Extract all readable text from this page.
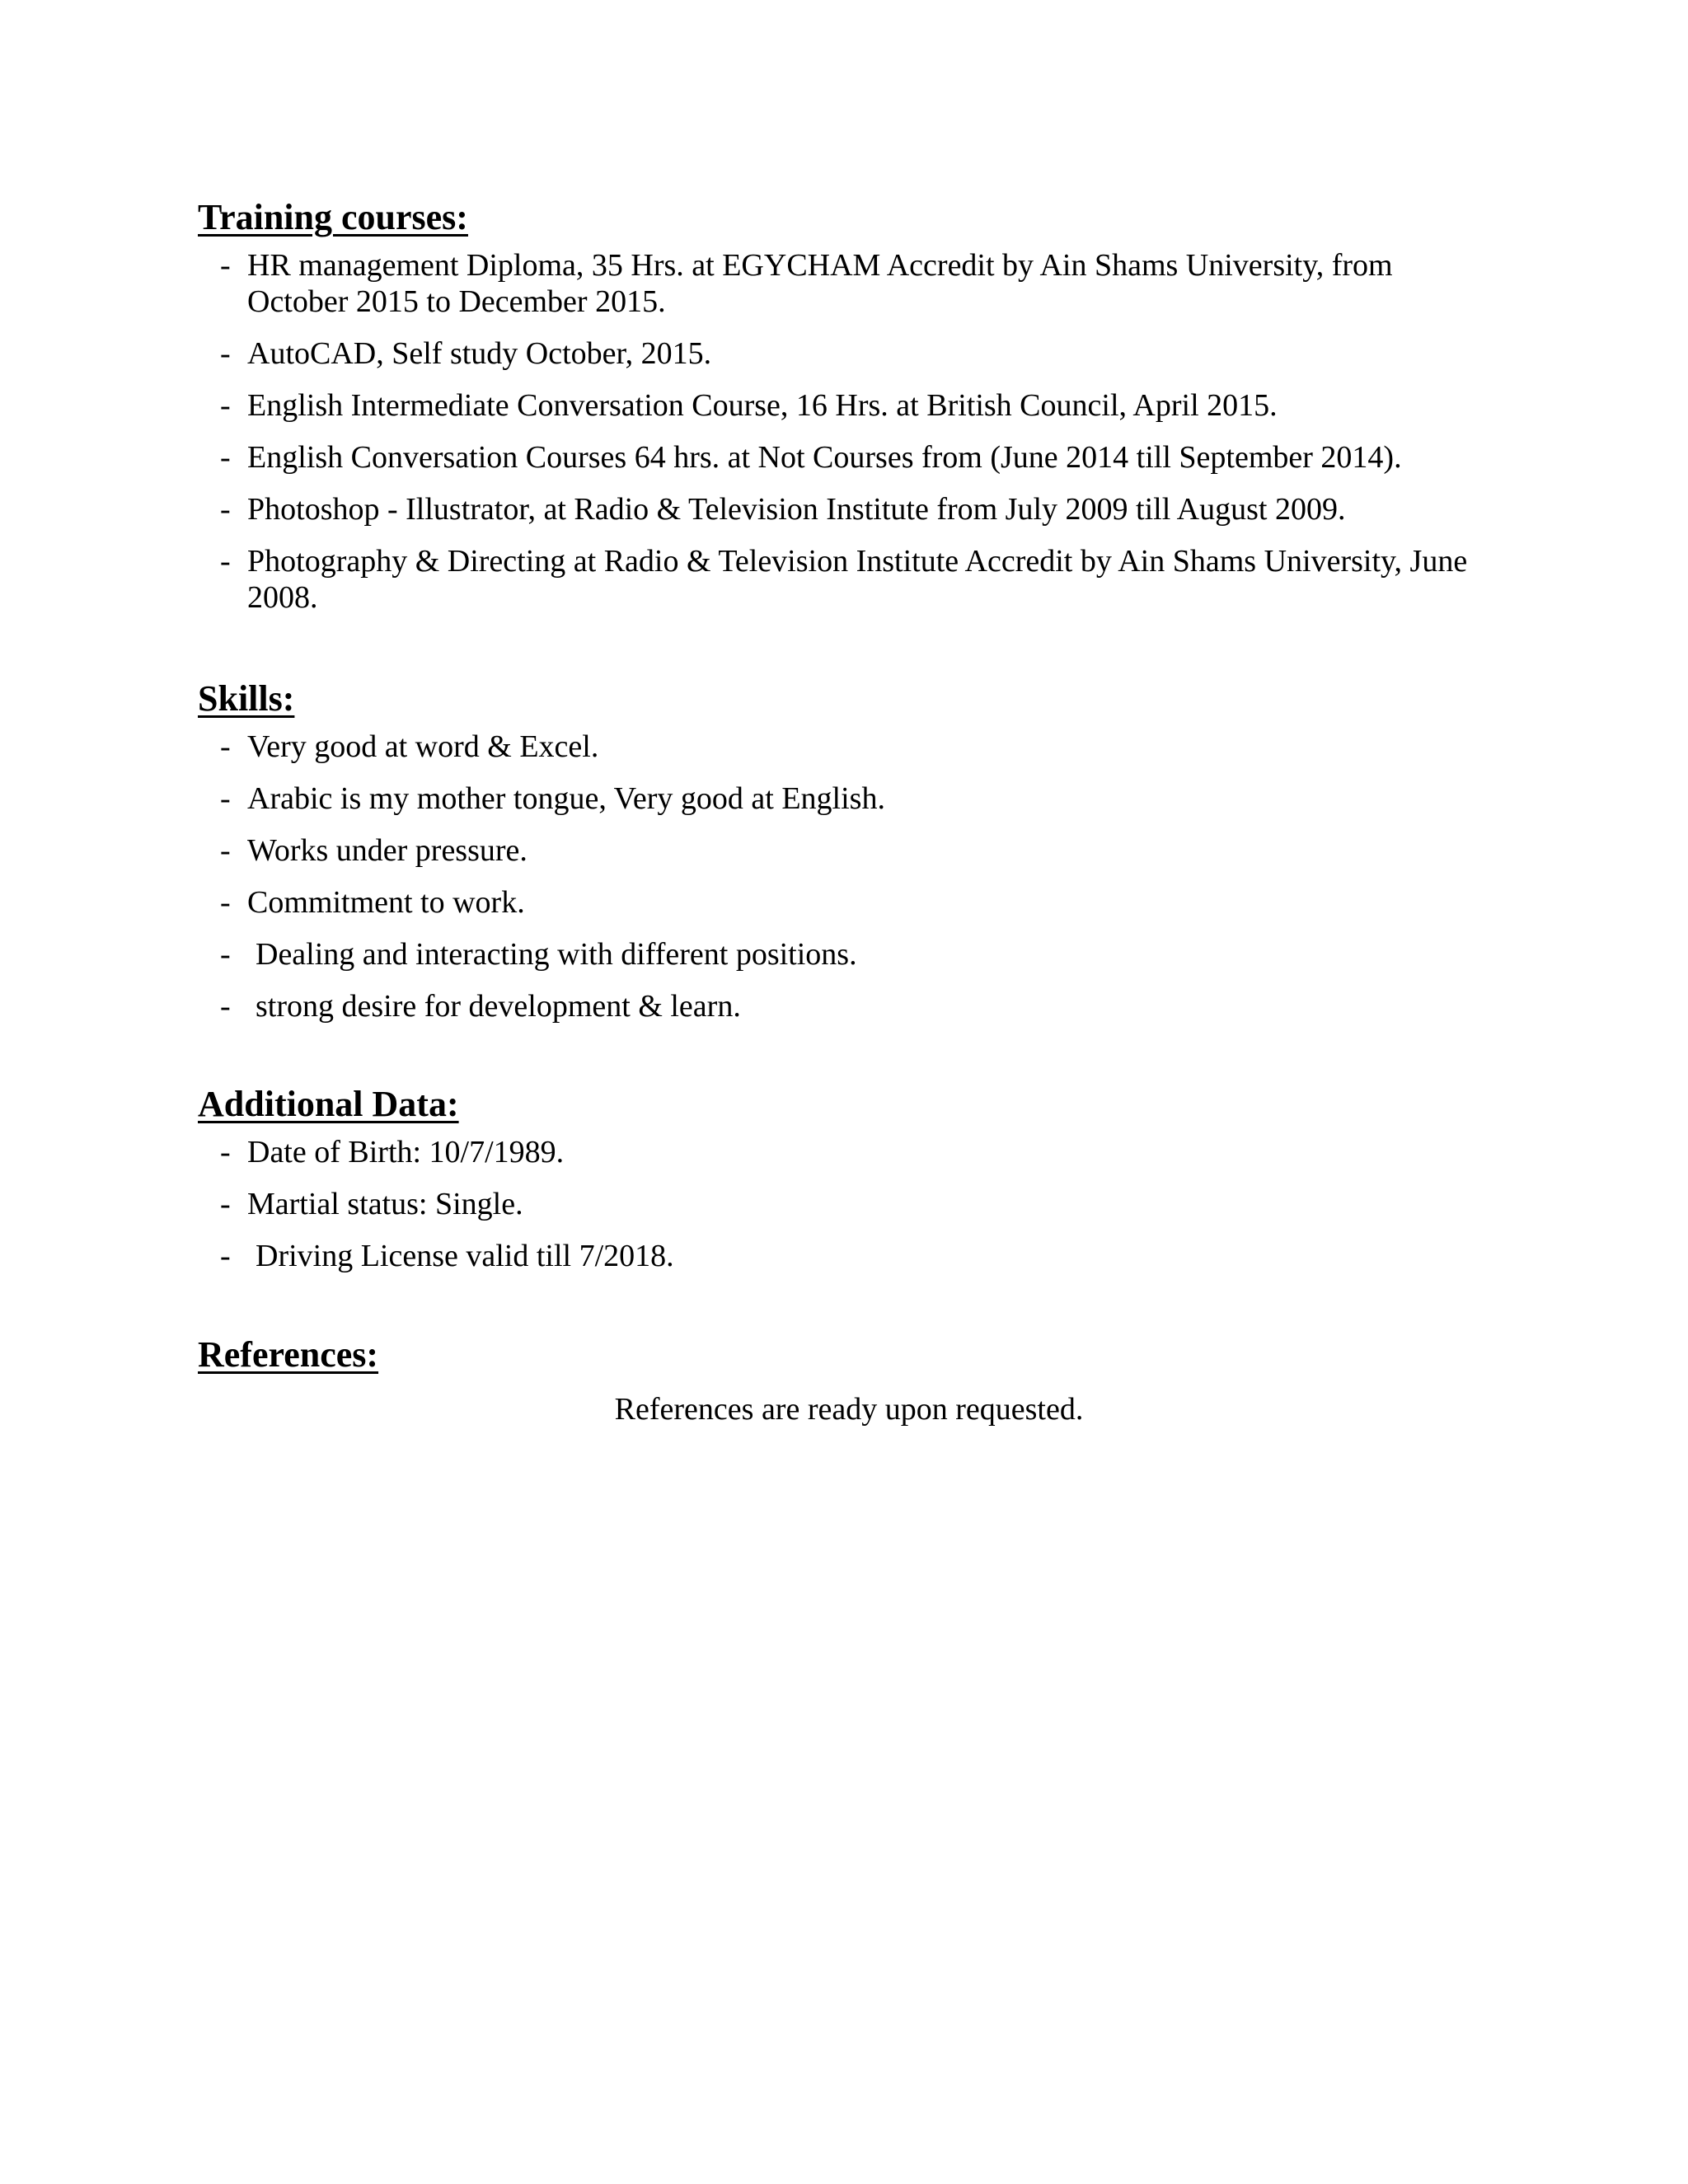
Training courses:
- HR management Diploma, 35 Hrs. at EGYCHAM Accredit by Ain Shams University, from October 2015 to December 2015.
- AutoCAD, Self study October, 2015.
- English Intermediate Conversation Course, 16 Hrs. at British Council, April 2015.
- English Conversation Courses 64 hrs. at Not Courses from (June 2014 till September 2014).
- Photoshop - Illustrator, at Radio & Television Institute from July 2009 till August 2009.
- Photography & Directing at Radio & Television Institute Accredit by Ain Shams University, June 2008.
Skills:
- Very good at word & Excel.
- Arabic is my mother tongue, Very good at English.
- Works under pressure.
- Commitment to work.
- Dealing and interacting with different positions.
- strong desire for development & learn.
Additional Data:
- Date of Birth: 10/7/1989.
- Martial status: Single.
- Driving License valid till 7/2018.
References:
References are ready upon requested.
